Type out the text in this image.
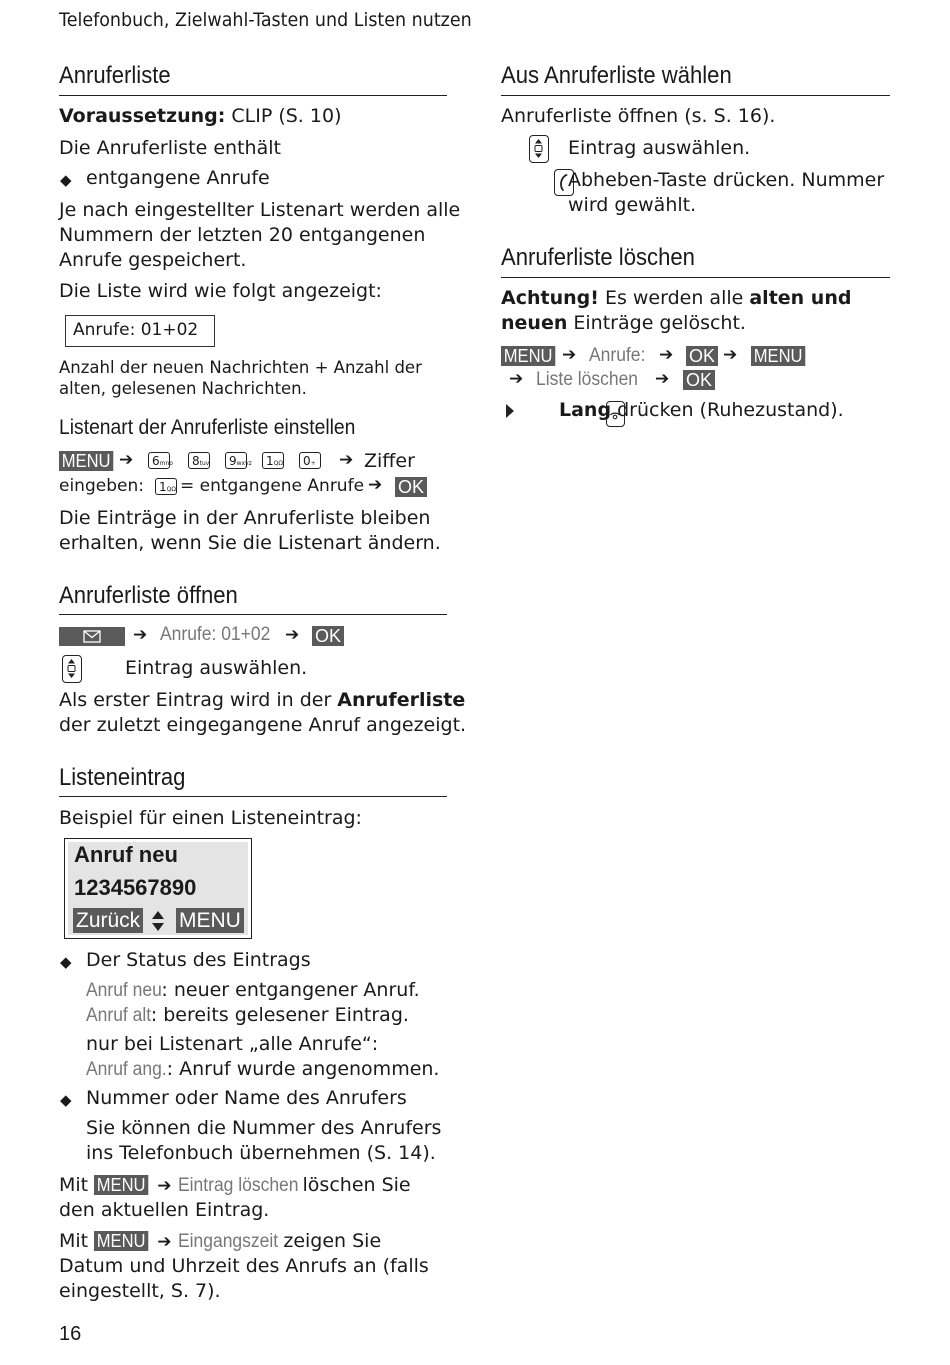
Telefonbuch, Zielwahl-Tasten und Listen nutzen
Anruferliste
Voraussetzung: CLIP (S. 10)
Die Anruferliste enthält
◆ entgangene Anrufe
Je nach eingestellter Listenart werden alle
Nummern der letzten 20 entgangenen
Anrufe gespeichert.
Die Liste wird wie folgt angezeigt:
Anrufe: 01+02
Anzahl der neuen Nachrichten + Anzahl der
alten, gelesenen Nachrichten.
Listenart der Anruferliste einstellen
MENU ➔	6mno	8tuv	9wxyz	1QΩ	0+	➔ Ziffer
eingeben:	1QΩ = entgangene Anrufe ➔ OK
Die Einträge in der Anruferliste bleiben
erhalten, wenn Sie die Listenart ändern.
Anruferliste öffnen
➔ Anrufe: 01+02 ➔ OK

Eintrag auswählen.
Als erster Eintrag wird in der Anruferliste
der zuletzt eingegangene Anruf angezeigt.
Listeneintrag
Beispiel für einen Listeneintrag:
Anruf neu
1234567890
Zurück MENU
◆ Der Status des Eintrags
Anruf neu: neuer entgangener Anruf.
Anruf alt: bereits gelesener Eintrag.
nur bei Listenart „alle Anrufe“:
Anruf ang.: Anruf wurde angenommen.
◆ Nummer oder Name des Anrufers
Sie können die Nummer des Anrufers
ins Telefonbuch übernehmen (S. 14).
Mit MENU ➔ Eintrag löschen löschen Sie
den aktuellen Eintrag.
Mit MENU ➔ Eingangszeit zeigen Sie
Datum und Uhrzeit des Anrufs an (falls
eingestellt, S. 7).
16
Aus Anruferliste wählen
Anruferliste öffnen (s. S. 16).

Eintrag auswählen.

Abheben-Taste drücken. Nummer
wird gewählt.
Anruferliste löschen
Achtung! Es werden alle alten und
neuen Einträge gelöscht.
MENU ➔ Anrufe: ➔ OK ➔ MENU
➔ Liste löschen ➔ OK
Lang drücken (Ruhezustand).
